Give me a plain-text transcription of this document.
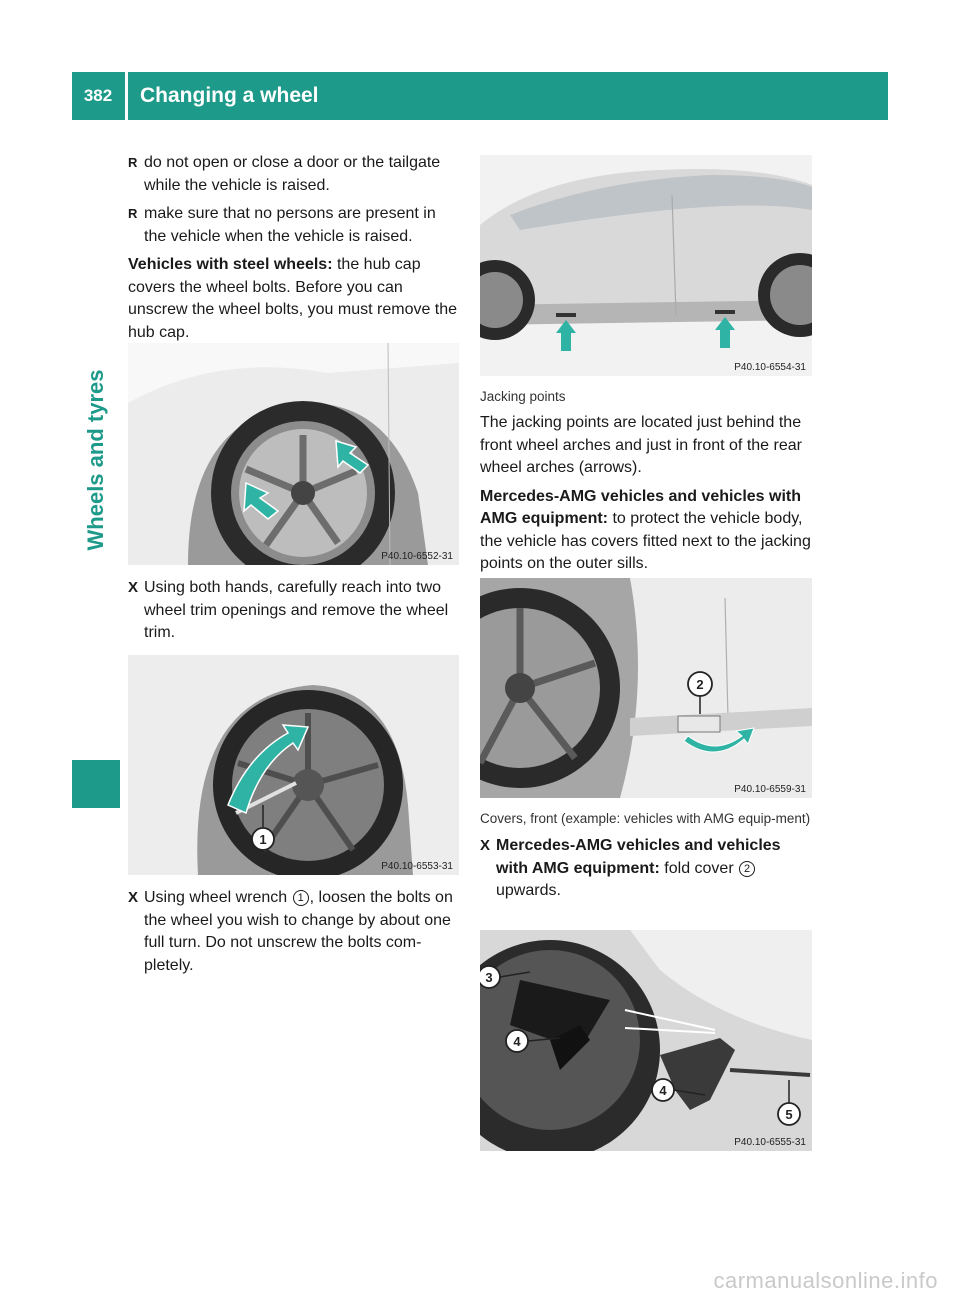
382	Changing a wheel
Wheels and tyres

R do not open or close a door or the tailgate while the vehicle is raised.

R make sure that no persons are present in the vehicle when the vehicle is raised.

Vehicles with steel wheels: the hub cap covers the wheel bolts. Before you can unscrew the wheel bolts, you must remove the hub cap.

P40.10-6552-31

X Using both hands, carefully reach into two wheel trim openings and remove the wheel trim.

1
P40.10-6553-31

X Using wheel wrench 1 , loosen the bolts on the wheel you wish to change by about one full turn. Do not unscrew the bolts com-pletely.

P40.10-6554-31

Jacking points

The jacking points are located just behind the front wheel arches and just in front of the rear wheel arches (arrows).

Mercedes-AMG vehicles and vehicles with AMG equipment: to protect the vehicle body, the vehicle has covers fitted next to the jacking points on the outer sills.

2
P40.10-6559-31

Covers, front (example: vehicles with AMG equip-ment)

X Mercedes-AMG vehicles and vehicles with AMG equipment: fold cover 2 upwards.

3
4
4
5
P40.10-6555-31
carmanualsonline.info
